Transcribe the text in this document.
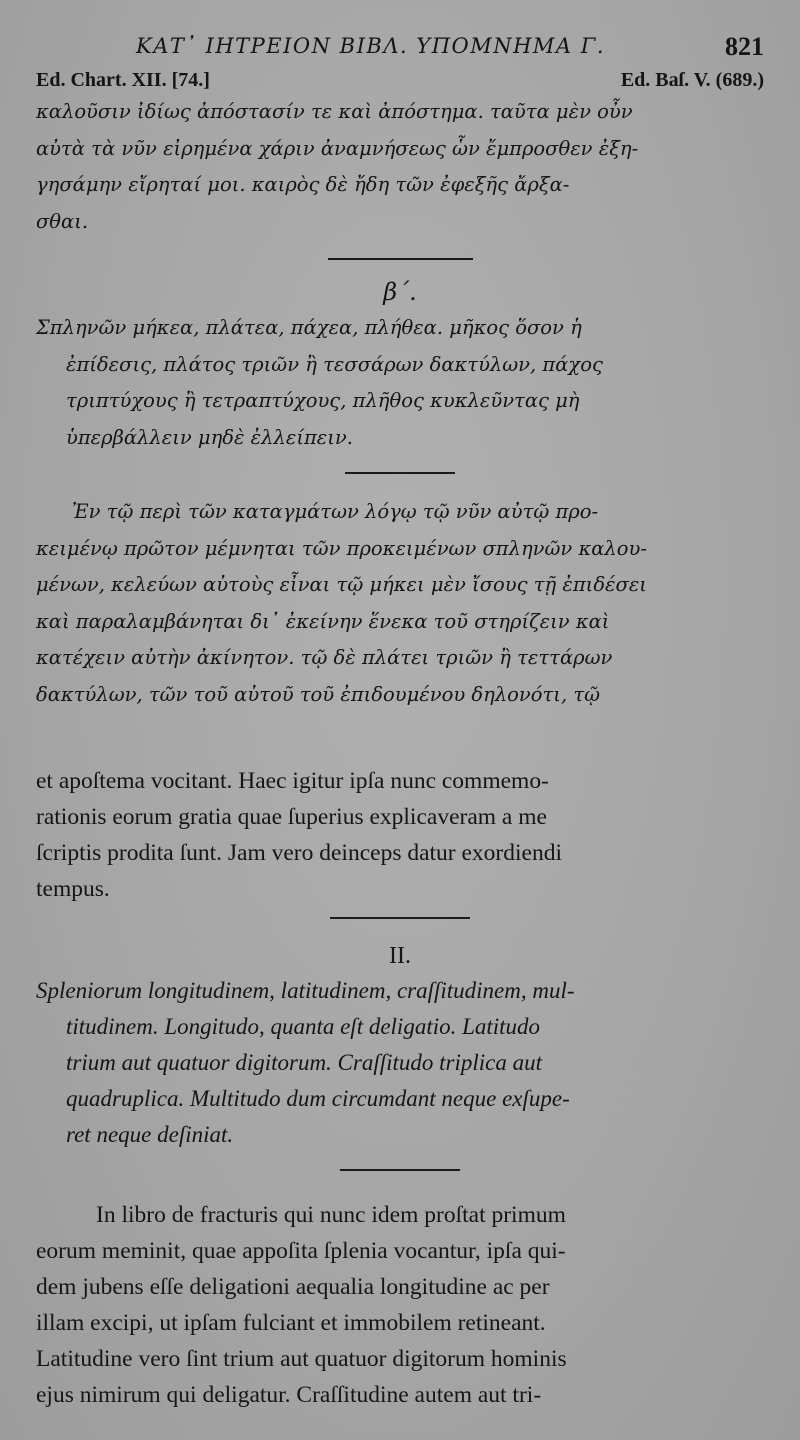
ΚΑΤ᾽ ΙΗΤΡΕΙΟΝ ΒΙΒΛ. ΥΠΟΜΝΗΜΑ Γ.	821
Ed. Chart. XII. [74.]	Ed. Baſ. V. (689.)

καλοῦσιν ἰδίως ἀπόστασίν τε καὶ ἀπόστημα. ταῦτα μὲν οὖν

αὐτὰ τὰ νῦν εἰρημένα χάριν ἀναμνήσεως ὧν ἔμπροσθεν ἐξη-

γησάμην εἴρηταί μοι. καιρὸς δὲ ἤδη τῶν ἐφεξῆς ἄρξα-

σθαι.

β΄.

Σπληνῶν μήκεα, πλάτεα, πάχεα, πλήθεα. μῆκος ὅσον ἡ

ἐπίδεσις, πλάτος τριῶν ἢ τεσσάρων δακτύλων, πάχος

τριπτύχους ἢ τετραπτύχους, πλῆθος κυκλεῦντας μὴ

ὑπερβάλλειν μηδὲ ἐλλείπειν.

Ἐν τῷ περὶ τῶν καταγμάτων λόγῳ τῷ νῦν αὐτῷ προ-

κειμένῳ πρῶτον μέμνηται τῶν προκειμένων σπληνῶν καλου-

μένων, κελεύων αὐτοὺς εἶναι τῷ μήκει μὲν ἴσους τῇ ἐπιδέσει

καὶ παραλαμβάνηται δι᾽ ἐκείνην ἕνεκα τοῦ στηρίζειν καὶ

κατέχειν αὐτὴν ἀκίνητον. τῷ δὲ πλάτει τριῶν ἢ τεττάρων

δακτύλων, τῶν τοῦ αὐτοῦ τοῦ ἐπιδουμένου δηλονότι, τῷ

et apoſtema vocitant. Haec igitur ipſa nunc commemo-

rationis eorum gratia quae ſuperius explicaveram a me

ſcriptis prodita ſunt. Jam vero deinceps datur exordiendi

tempus.

II.

Spleniorum longitudinem, latitudinem, craſſitudinem, mul-

titudinem. Longitudo, quanta eſt deligatio. Latitudo

trium aut quatuor digitorum. Craſſitudo triplica aut

quadruplica. Multitudo dum circumdant neque exſupe-

ret neque deſiniat.

In libro de fracturis qui nunc idem proſtat primum

eorum meminit, quae appoſita ſplenia vocantur, ipſa qui-

dem jubens eſſe deligationi aequalia longitudine ac per

illam excipi, ut ipſam fulciant et immobilem retineant.

Latitudine vero ſint trium aut quatuor digitorum hominis

ejus nimirum qui deligatur. Craſſitudine autem aut tri-
